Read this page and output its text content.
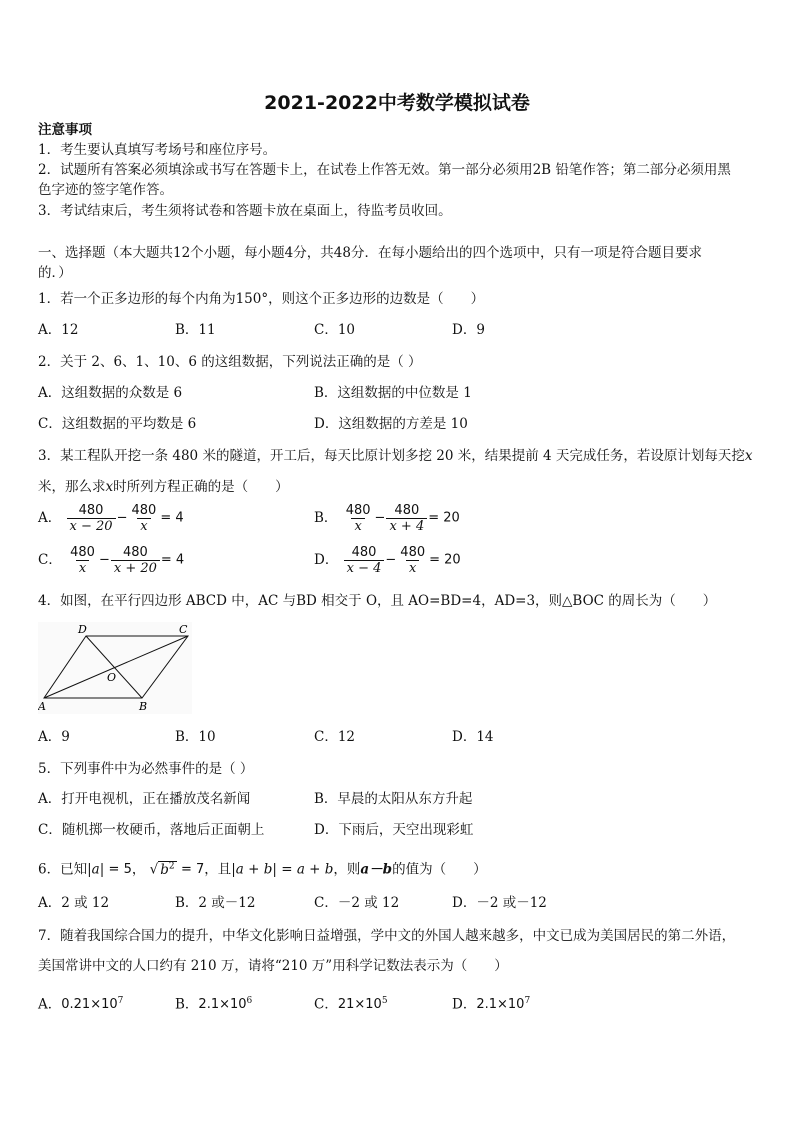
2021-2022中考数学模拟试卷
注意事项
1．考生要认真填写考场号和座位序号。
2．试题所有答案必须填涂或书写在答题卡上，在试卷上作答无效。第一部分必须用2B 铅笔作答；第二部分必须用黑
色字迹的签字笔作答。
3．考试结束后，考生须将试卷和答题卡放在桌面上，待监考员收回。
一、选择题（本大题共12个小题，每小题4分，共48分．在每小题给出的四个选项中，只有一项是符合题目要求
的．）
1．若一个正多边形的每个内角为150°，则这个正多边形的边数是（　　）
A．12	B．11	C．10	D．9
2．关于 2、6、1、10、6 的这组数据，下列说法正确的是（ ）
A．这组数据的众数是 6	B．这组数据的中位数是 1
C．这组数据的平均数是 6	D．这组数据的方差是 10
3．某工程队开挖一条 480 米的隧道，开工后，每天比原计划多挖 20 米，结果提前 4 天完成任务，若设原计划每天挖x
米，那么求x时所列方程正确的是（　　）
A． $\frac{480}{x - 20} - \frac{480}{x} = 4$	B． $\frac{480}{x} - \frac{480}{x + 4} = 20$
C． $\frac{480}{x} - \frac{480}{x + 20} = 4$	D． $\frac{480}{x - 4} - \frac{480}{x} = 20$
4．如图，在平行四边形 ABCD 中，AC 与BD 相交于 O，且 AO=BD=4，AD=3，则△BOC 的周长为（　　）
D	C
A	B
O
A．9	B．10	C．12	D．14
5．下列事件中为必然事件的是（ ）
A．打开电视机，正在播放茂名新闻	B．早晨的太阳从东方升起
C．随机掷一枚硬币，落地后正面朝上	D．下雨后，天空出现彩虹
6．已知|a| = 5， √ $b^2 = 7$，且|a + b| = a + b，则a－b的值为（　　）
A．2 或 12	B．2 或－12	C．－2 或 12	D．－2 或－12
7．随着我国综合国力的提升，中华文化影响日益增强，学中文的外国人越来越多，中文已成为美国居民的第二外语，
美国常讲中文的人口约有 210 万，请将“210 万”用科学记数法表示为（　　）
A．$0.21\times 10^7$	B．$2.1\times 10^6$	C．$21\times 10^5$	D．$2.1\times 10^7$
